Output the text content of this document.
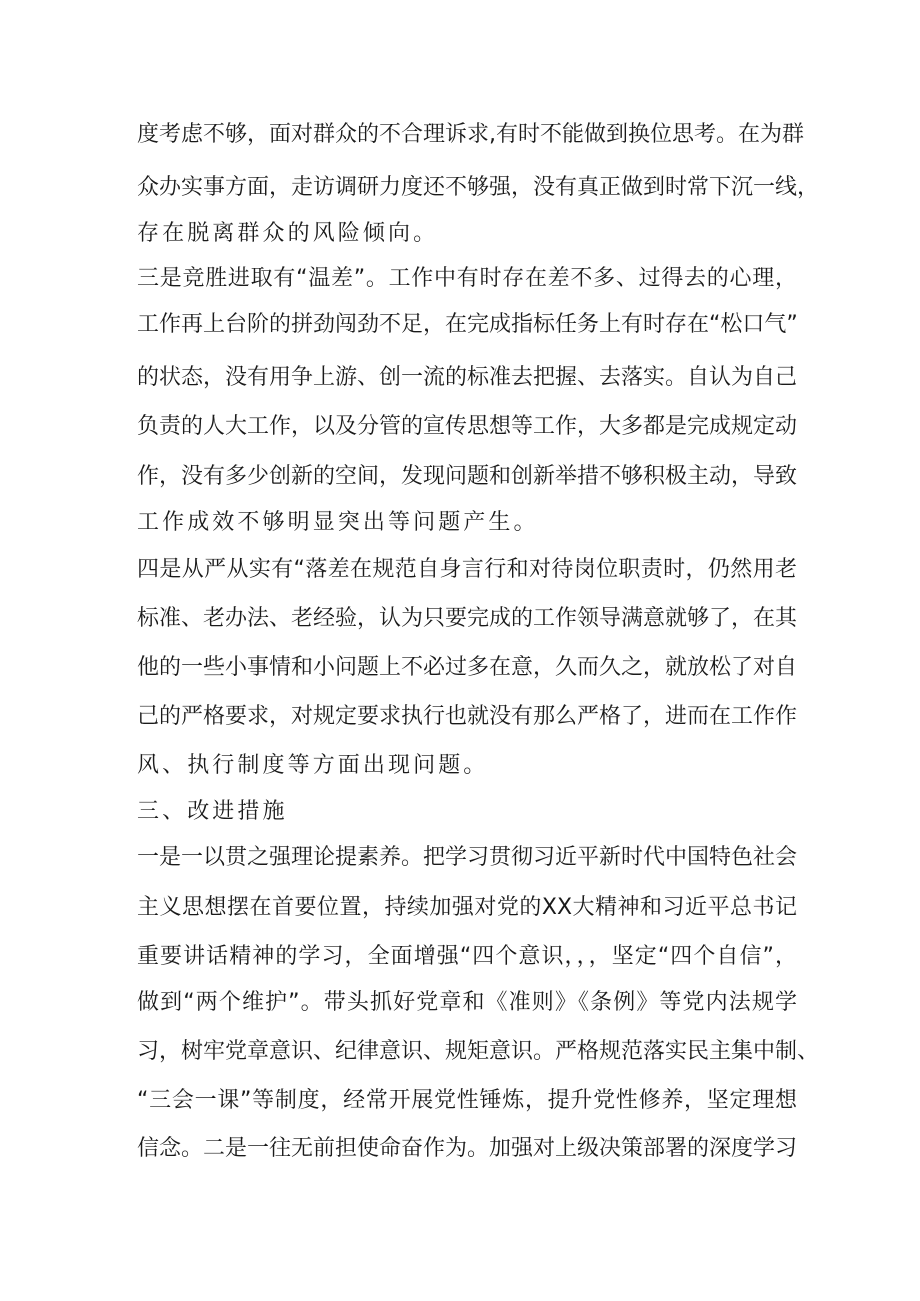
度考虑不够，面对群众的不合理诉求,有时不能做到换位思考。在为群

众办实事方面，走访调研力度还不够强，没有真正做到时常下沉一线，

存在脱离群众的风险倾向。

三是竞胜进取有“温差”。工作中有时存在差不多、过得去的心理，

工作再上台阶的拼劲闯劲不足，在完成指标任务上有时存在“松口气”

的状态，没有用争上游、创一流的标准去把握、去落实。自认为自己

负责的人大工作，以及分管的宣传思想等工作，大多都是完成规定动

作，没有多少创新的空间，发现问题和创新举措不够积极主动，导致

工作成效不够明显突出等问题产生。

四是从严从实有“落差在规范自身言行和对待岗位职责时，仍然用老

标准、老办法、老经验，认为只要完成的工作领导满意就够了，在其

他的一些小事情和小问题上不必过多在意，久而久之，就放松了对自

己的严格要求，对规定要求执行也就没有那么严格了，进而在工作作

风、执行制度等方面出现问题。

三、改进措施

一是一以贯之强理论提素养。把学习贯彻习近平新时代中国特色社会

主义思想摆在首要位置，持续加强对党的XX大精神和习近平总书记

重要讲话精神的学习，全面增强“四个意识，，，坚定“四个自信”，

做到“两个维护”。带头抓好党章和《准则》《条例》等党内法规学

习，树牢党章意识、纪律意识、规矩意识。严格规范落实民主集中制、

“三会一课”等制度，经常开展党性锤炼，提升党性修养，坚定理想

信念。二是一往无前担使命奋作为。加强对上级决策部署的深度学习
